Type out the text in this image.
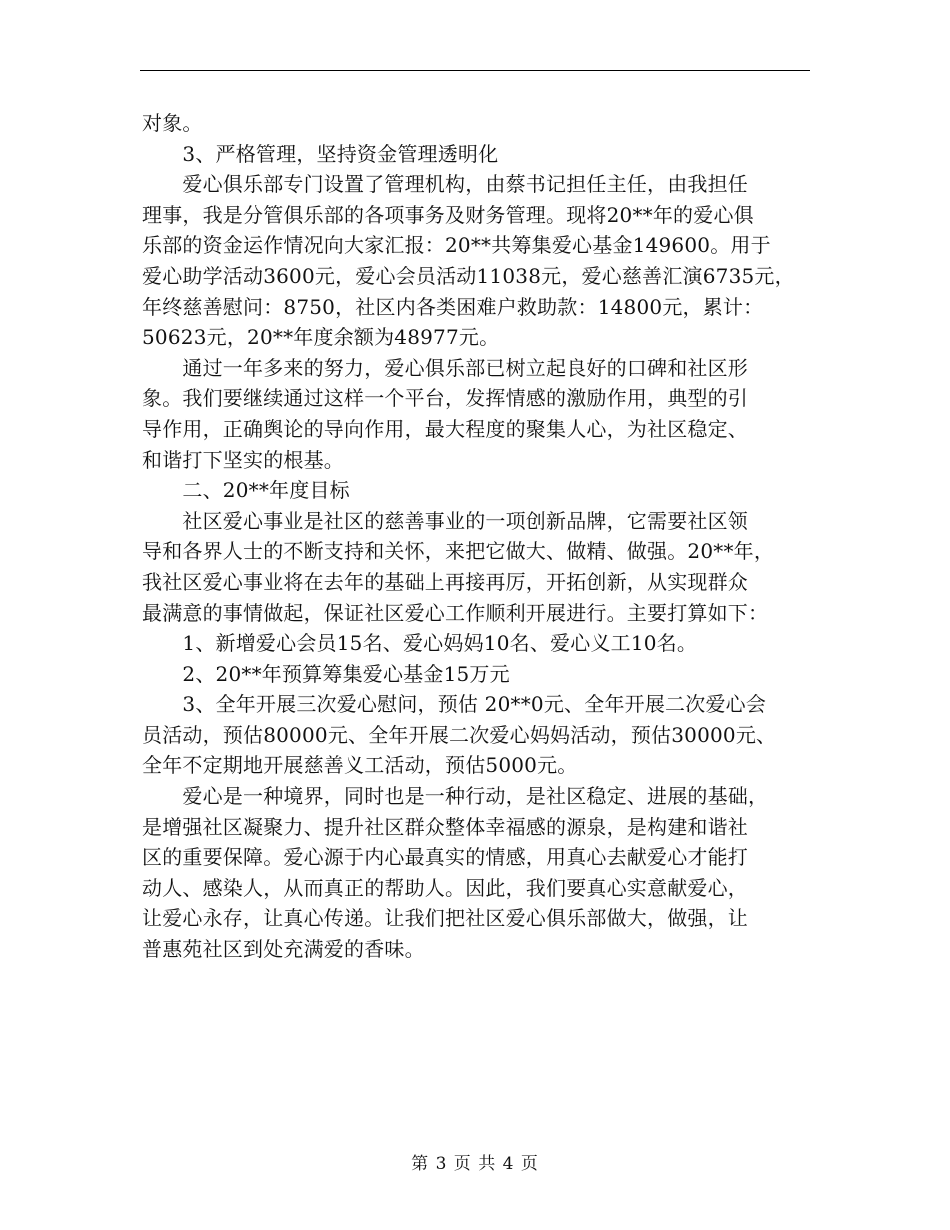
对象。
　　3、严格管理，坚持资金管理透明化
　　爱心俱乐部专门设置了管理机构，由蔡书记担任主任，由我担任
理事，我是分管俱乐部的各项事务及财务管理。现将20**年的爱心俱
乐部的资金运作情况向大家汇报：20**共筹集爱心基金149600。用于
爱心助学活动3600元，爱心会员活动11038元，爱心慈善汇演6735元，
年终慈善慰问：8750，社区内各类困难户救助款：14800元，累计：
50623元，20**年度余额为48977元。
　　通过一年多来的努力，爱心俱乐部已树立起良好的口碑和社区形
象。我们要继续通过这样一个平台，发挥情感的激励作用，典型的引
导作用，正确舆论的导向作用，最大程度的聚集人心，为社区稳定、
和谐打下坚实的根基。
　　二、20**年度目标
　　社区爱心事业是社区的慈善事业的一项创新品牌，它需要社区领
导和各界人士的不断支持和关怀，来把它做大、做精、做强。20**年，
我社区爱心事业将在去年的基础上再接再厉，开拓创新，从实现群众
最满意的事情做起，保证社区爱心工作顺利开展进行。主要打算如下：
　　1、新增爱心会员15名、爱心妈妈10名、爱心义工10名。
　　2、20**年预算筹集爱心基金15万元
　　3、全年开展三次爱心慰问，预估 20**0元、全年开展二次爱心会
员活动，预估80000元、全年开展二次爱心妈妈活动，预估30000元、
全年不定期地开展慈善义工活动，预估5000元。
　　爱心是一种境界，同时也是一种行动，是社区稳定、进展的基础，
是增强社区凝聚力、提升社区群众整体幸福感的源泉，是构建和谐社
区的重要保障。爱心源于内心最真实的情感，用真心去献爱心才能打
动人、感染人，从而真正的帮助人。因此，我们要真心实意献爱心，
让爱心永存，让真心传递。让我们把社区爱心俱乐部做大，做强，让
普惠苑社区到处充满爱的香味。
第 3 页 共 4 页
